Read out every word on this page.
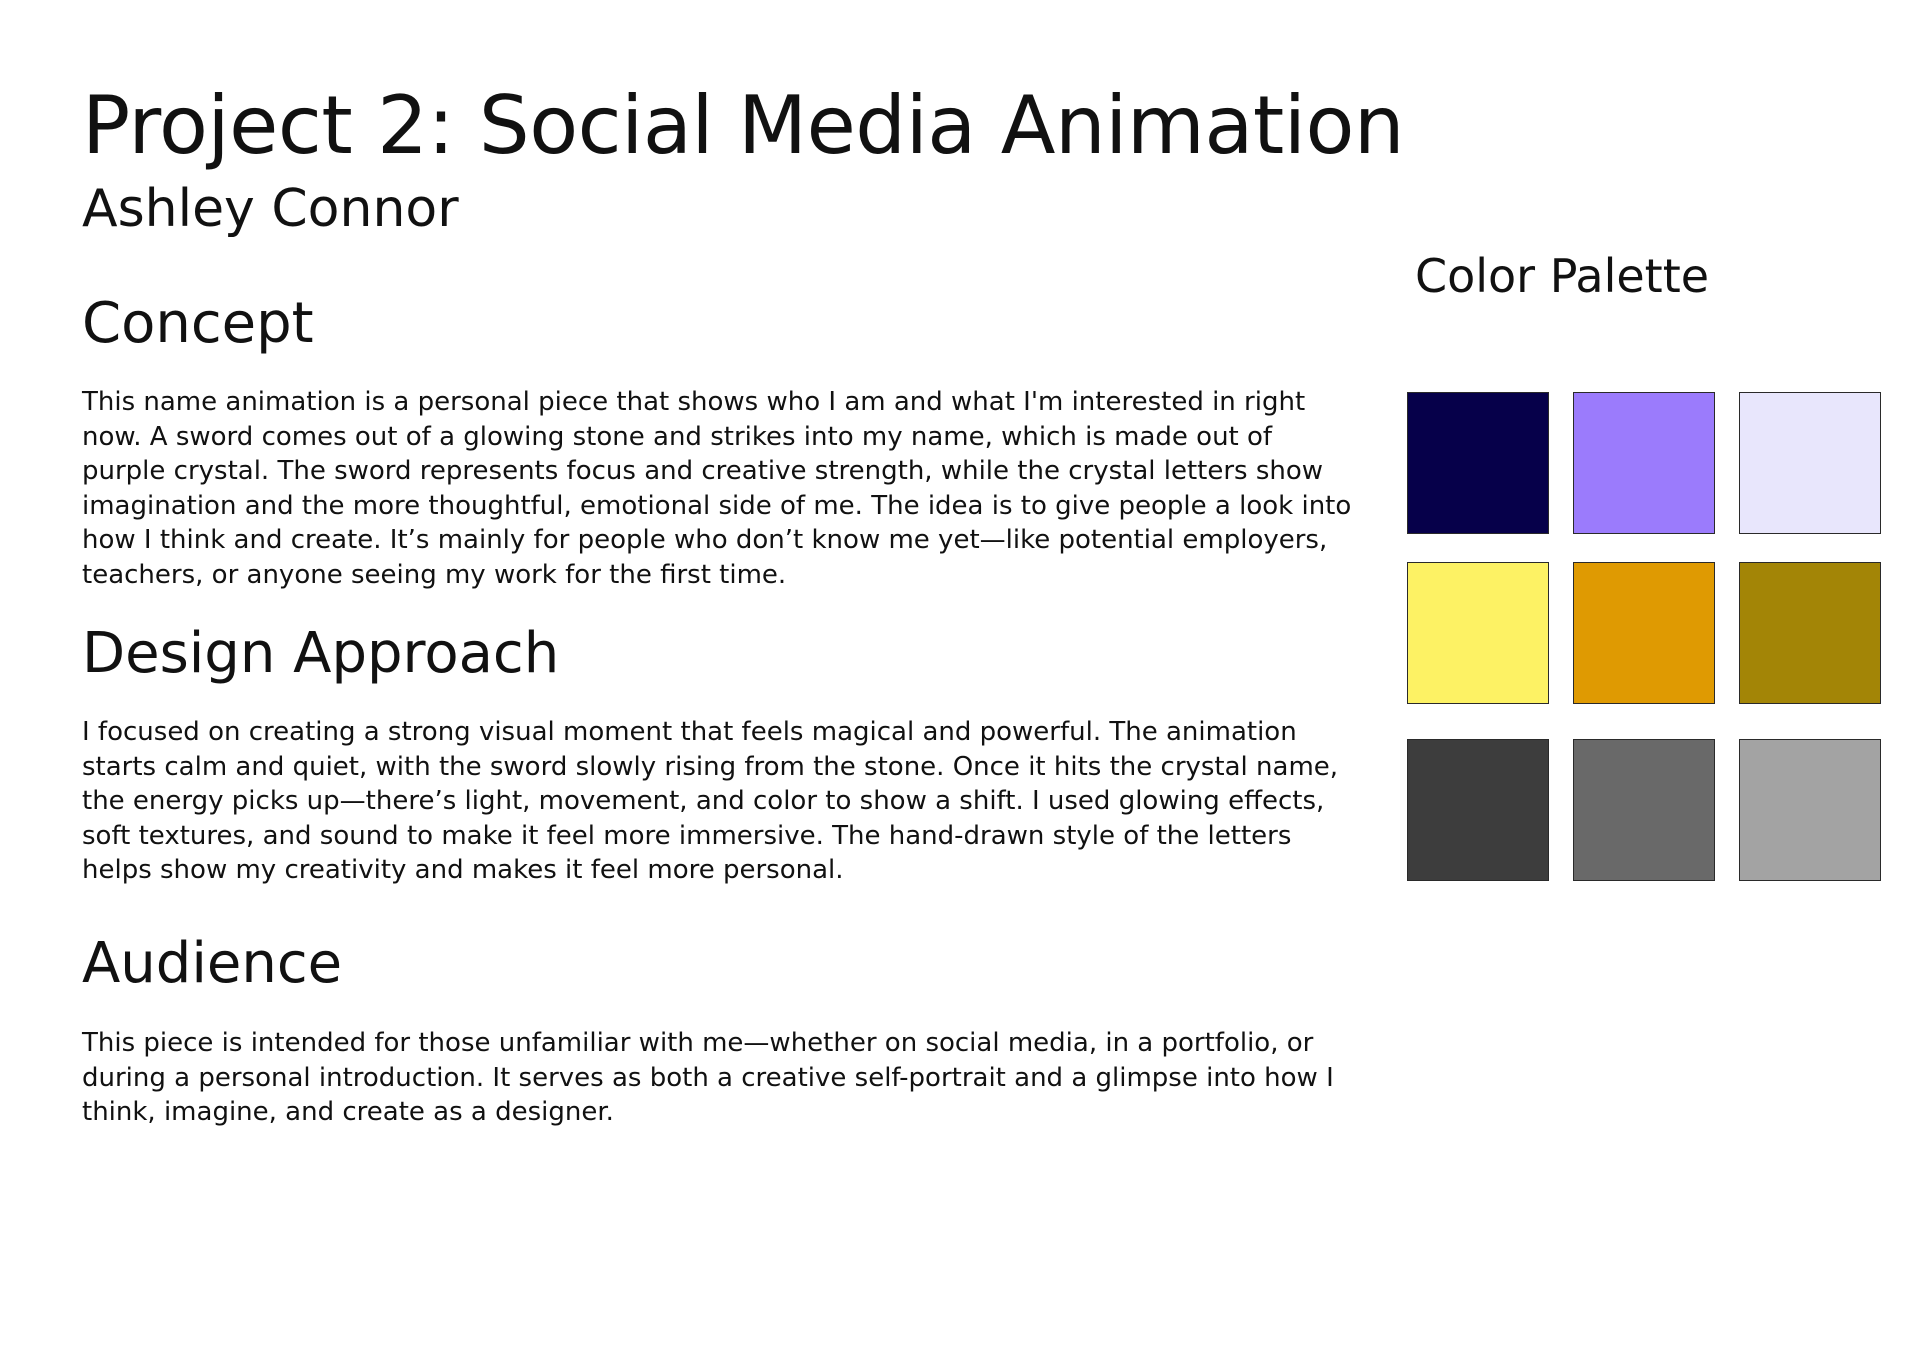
Project 2: Social Media Animation
Ashley Connor
Concept

This name animation is a personal piece that shows who I am and what I'm interested in right now. A sword comes out of a glowing stone and strikes into my name, which is made out of purple crystal. The sword represents focus and creative strength, while the crystal letters show imagination and the more thoughtful, emotional side of me. The idea is to give people a look into how I think and create. It’s mainly for people who don’t know me yet—like potential employers, teachers, or anyone seeing my work for the first time.

Design Approach

I focused on creating a strong visual moment that feels magical and powerful. The animation starts calm and quiet, with the sword slowly rising from the stone. Once it hits the crystal name, the energy picks up—there’s light, movement, and color to show a shift. I used glowing effects, soft textures, and sound to make it feel more immersive. The hand-drawn style of the letters helps show my creativity and makes it feel more personal.

Audience

This piece is intended for those unfamiliar with me—whether on social media, in a portfolio, or during a personal introduction. It serves as both a creative self-portrait and a glimpse into how I think, imagine, and create as a designer.

Color Palette
